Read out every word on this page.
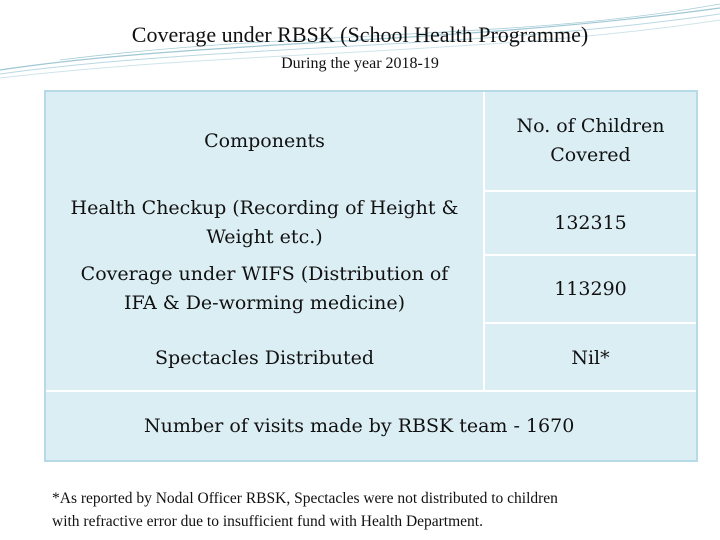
Coverage under RBSK (School Health Programme)
During the year 2018-19
Components
No. of Children
Covered
Health Checkup (Recording of Height &
Weight etc.)
132315
Coverage under WIFS (Distribution of
IFA & De-worming medicine)
113290
Spectacles Distributed	Nil*
Number of visits made by RBSK team - 1670
*As reported by Nodal Officer RBSK, Spectacles were not distributed to children
with refractive error due to insufficient fund with Health Department.
